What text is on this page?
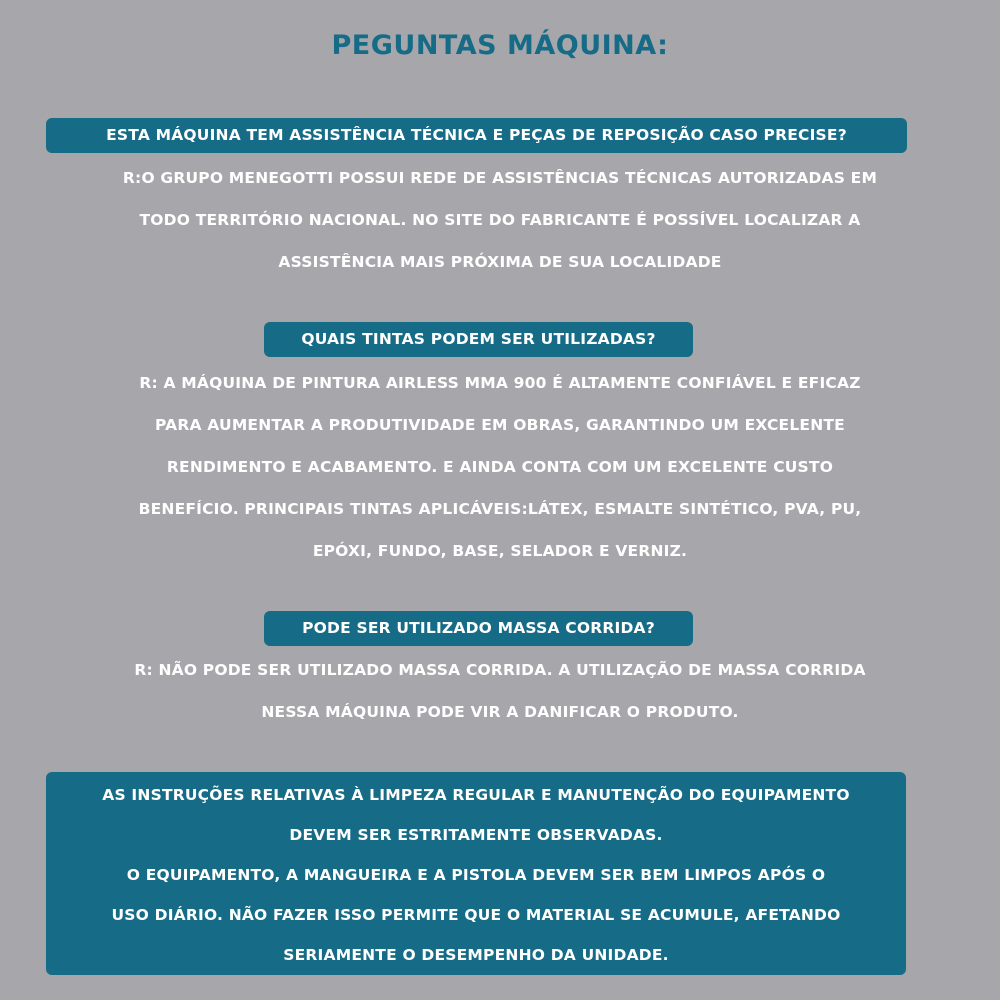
PEGUNTAS MÁQUINA:
ESTA MÁQUINA TEM ASSISTÊNCIA TÉCNICA E PEÇAS DE REPOSIÇÃO CASO PRECISE?
R:O GRUPO MENEGOTTI POSSUI REDE DE ASSISTÊNCIAS TÉCNICAS AUTORIZADAS EM
TODO TERRITÓRIO NACIONAL. NO SITE DO FABRICANTE É POSSÍVEL LOCALIZAR A
ASSISTÊNCIA MAIS PRÓXIMA DE SUA LOCALIDADE
QUAIS TINTAS PODEM SER UTILIZADAS?
R: A MÁQUINA DE PINTURA AIRLESS MMA 900 É ALTAMENTE CONFIÁVEL E EFICAZ
PARA AUMENTAR A PRODUTIVIDADE EM OBRAS, GARANTINDO UM EXCELENTE
RENDIMENTO E ACABAMENTO. E AINDA CONTA COM UM EXCELENTE CUSTO
BENEFÍCIO. PRINCIPAIS TINTAS APLICÁVEIS:LÁTEX, ESMALTE SINTÉTICO, PVA, PU,
EPÓXI, FUNDO, BASE, SELADOR E VERNIZ.
PODE SER UTILIZADO MASSA CORRIDA?
R: NÃO PODE SER UTILIZADO MASSA CORRIDA. A UTILIZAÇÃO DE MASSA CORRIDA
NESSA MÁQUINA PODE VIR A DANIFICAR O PRODUTO.
AS INSTRUÇÕES RELATIVAS À LIMPEZA REGULAR E MANUTENÇÃO DO EQUIPAMENTO
DEVEM SER ESTRITAMENTE OBSERVADAS.
O EQUIPAMENTO, A MANGUEIRA E A PISTOLA DEVEM SER BEM LIMPOS APÓS O
USO DIÁRIO. NÃO FAZER ISSO PERMITE QUE O MATERIAL SE ACUMULE, AFETANDO
SERIAMENTE O DESEMPENHO DA UNIDADE.
